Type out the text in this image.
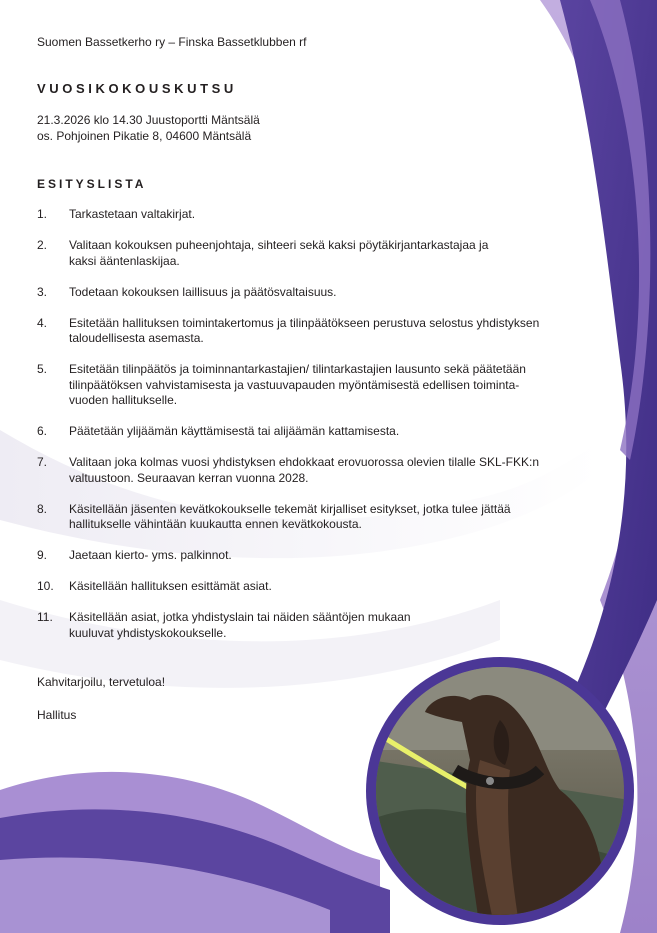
Suomen Bassetkerho ry – Finska Bassetklubben rf
VUOSIKOKOUSKUTSU
21.3.2026 klo 14.30 Juustoportti Mäntsälä
os. Pohjoinen Pikatie 8, 04600 Mäntsälä
ESITYSLISTA
1.	Tarkastetaan valtakirjat.
2.	Valitaan kokouksen puheenjohtaja, sihteeri sekä kaksi pöytäkirjantarkastajaa ja
kaksi ääntenlaskijaa.
3.	Todetaan kokouksen laillisuus ja päätösvaltaisuus.
4.	Esitetään hallituksen toimintakertomus ja tilinpäätökseen perustuva selostus yhdistyksen
taloudellisesta asemasta.
5.	Esitetään tilinpäätös ja toiminnantarkastajien/ tilintarkastajien lausunto sekä päätetään
tilinpäätöksen vahvistamisesta ja vastuuvapauden myöntämisestä edellisen toiminta-
vuoden hallitukselle.
6.	Päätetään ylijäämän käyttämisestä tai alijäämän kattamisesta.
7.	Valitaan joka kolmas vuosi yhdistyksen ehdokkaat erovuorossa olevien tilalle SKL-FKK:n
valtuustoon. Seuraavan kerran vuonna 2028.
8.	Käsitellään jäsenten kevätkokoukselle tekemät kirjalliset esitykset, jotka tulee jättää
hallitukselle vähintään kuukautta ennen kevätkokousta.
9.	Jaetaan kierto- yms. palkinnot.
10.	Käsitellään hallituksen esittämät asiat.
11.	Käsitellään asiat, jotka yhdistyslain tai näiden sääntöjen mukaan
kuuluvat yhdistyskokoukselle.
Kahvitarjoilu, tervetuloa!
Hallitus
